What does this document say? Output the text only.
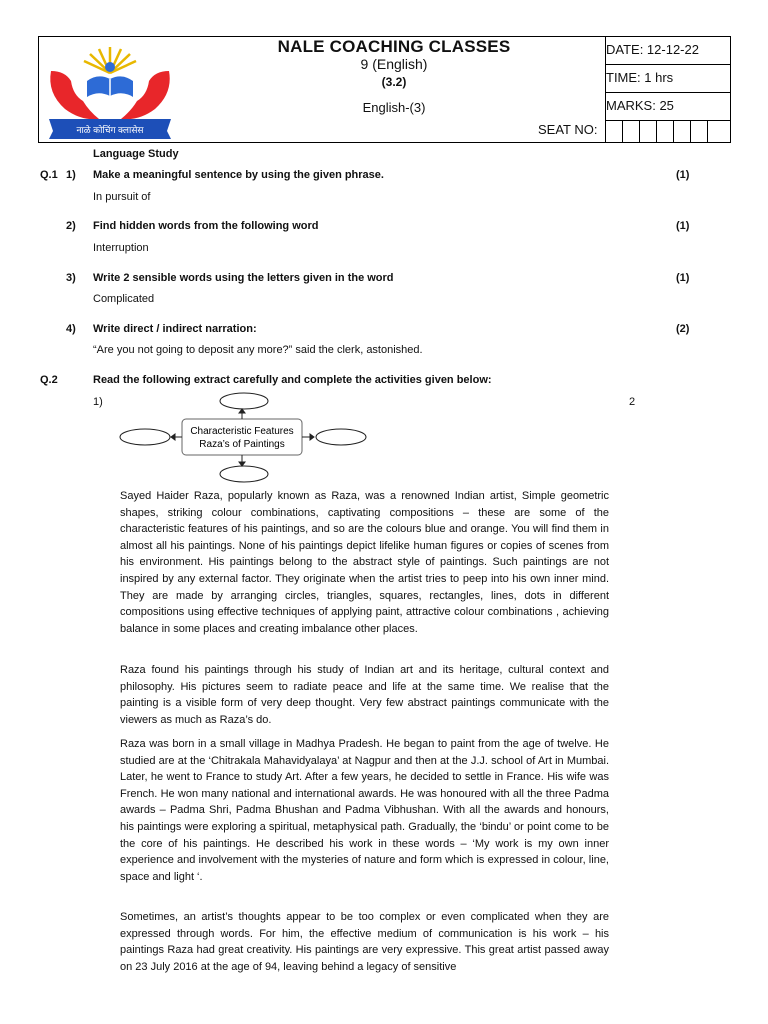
नाळे कोचिंग क्लासेस
NALE COACHING CLASSES
9 (English)
(3.2)
English-(3)
DATE: 12-12-22
TIME: 1 hrs
MARKS: 25
SEAT NO:
Language Study
Q.1 1) Make a meaningful sentence by using the given phrase.	(1)
In pursuit of
2) Find hidden words from the following word	(1)
Interruption
3) Write 2 sensible words using the letters given in the word	(1)
Complicated
4) Write direct / indirect narration:	(2)
“Are you not going to deposit any more?” said the clerk, astonished.
Q.2	Read the following extract carefully and complete the activities given below:
1)	2
Characteristic Features
Raza’s of Paintings

Sayed Haider Raza, popularly known as Raza, was a renowned Indian artist, Simple geometric shapes, striking colour combinations, captivating compositions – these are some of the characteristic features of his paintings, and so are the colours blue and orange. You will find them in almost all his paintings. None of his paintings depict lifelike human figures or copies of scenes from his environment. His paintings belong to the abstract style of paintings. Such paintings are not inspired by any external factor. They originate when the artist tries to peep into his own inner mind. They are made by arranging circles, triangles, squares, rectangles, lines, dots in different compositions using effective techniques of applying paint, attractive colour combinations , achieving balance in some places and creating imbalance other places.

Raza found his paintings through his study of Indian art and its heritage, cultural context and philosophy. His pictures seem to radiate peace and life at the same time. We realise that the painting is a visible form of very deep thought. Very few abstract paintings communicate with the viewers as much as Raza’s do.

Raza was born in a small village in Madhya Pradesh. He began to paint from the age of twelve. He studied are at the ‘Chitrakala Mahavidyalaya’ at Nagpur and then at the J.J. school of Art in Mumbai. Later, he went to France to study Art. After a few years, he decided to settle in France. His wife was French. He won many national and international awards. He was honoured with all the three Padma awards – Padma Shri, Padma Bhushan and Padma Vibhushan. With all the awards and honours, his paintings were exploring a spiritual, metaphysical path. Gradually, the ‘bindu’ or point come to be the core of his paintings. He described his work in these words – ‘My work is my own inner experience and involvement with the mysteries of nature and form which is expressed in colour, line, space and light ‘.

Sometimes, an artist’s thoughts appear to be too complex or even complicated when they are expressed through words. For him, the effective medium of communication is his work – his paintings Raza had great creativity. His paintings are very expressive. This great artist passed away on 23 July 2016 at the age of 94, leaving behind a legacy of sensitive
